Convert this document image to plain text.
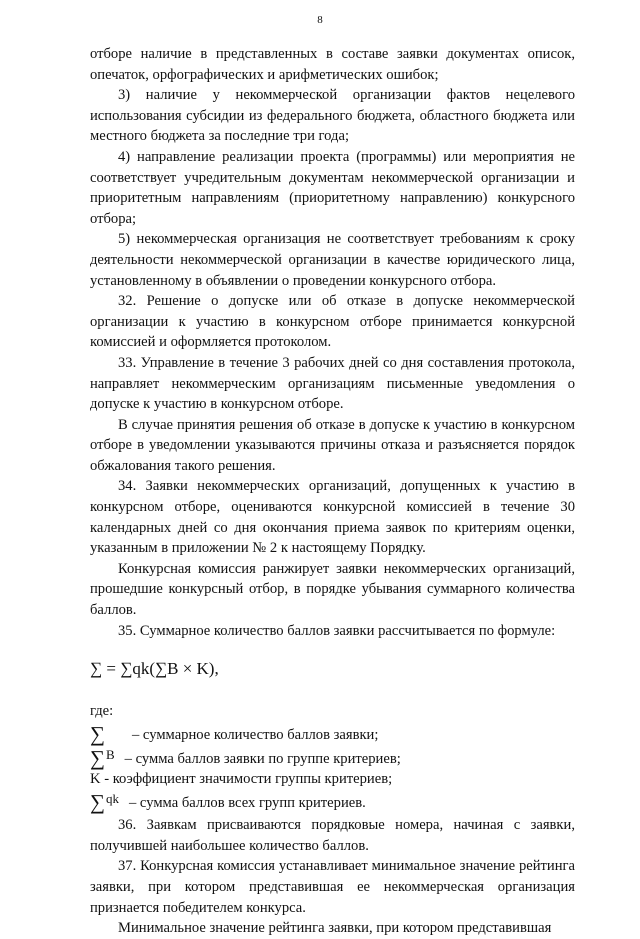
8

отборе наличие в представленных в составе заявки документах описок, опечаток, орфографических и арифметических ошибок;

3) наличие у некоммерческой организации фактов нецелевого использования субсидии из федерального бюджета, областного бюджета или местного бюджета за последние три года;

4) направление реализации проекта (программы) или мероприятия не соответствует учредительным документам некоммерческой организации и приоритетным направлениям (приоритетному направлению) конкурсного отбора;

5) некоммерческая организация не соответствует требованиям к сроку деятельности некоммерческой организации в качестве юридического лица, установленному в объявлении о проведении конкурсного отбора.

32. Решение о допуске или об отказе в допуске некоммерческой организации к участию в конкурсном отборе принимается конкурсной комиссией и оформляется протоколом.

33. Управление в течение 3 рабочих дней со дня составления протокола, направляет некоммерческим организациям письменные уведомления о допуске к участию в конкурсном отборе.

В случае принятия решения об отказе в допуске к участию в конкурсном отборе в уведомлении указываются причины отказа и разъясняется порядок обжалования такого решения.

34. Заявки некоммерческих организаций, допущенных к участию в конкурсном отборе, оцениваются конкурсной комиссией в течение 30 календарных дней со дня окончания приема заявок по критериям оценки, указанным в приложении № 2 к настоящему Порядку.

Конкурсная комиссия ранжирует заявки некоммерческих организаций, прошедшие конкурсный отбор, в порядке убывания суммарного количества баллов.

35. Суммарное количество баллов заявки рассчитывается по формуле:

∑ = ∑qk(∑B × K),

где:

∑ – суммарное количество баллов заявки;
∑ B – сумма баллов заявки по группе критериев;
K - коэффициент значимости группы критериев;
∑ qk – сумма баллов всех групп критериев.

36. Заявкам присваиваются порядковые номера, начиная с заявки, получившей наибольшее количество баллов.

37. Конкурсная комиссия устанавливает минимальное значение рейтинга заявки, при котором представившая ее некоммерческая организация признается победителем конкурса.

Минимальное значение рейтинга заявки, при котором представившая
